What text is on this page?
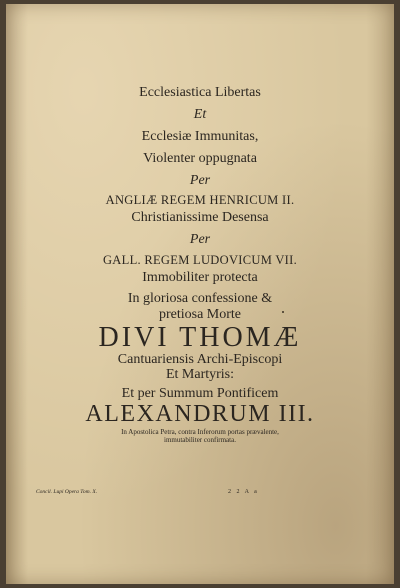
Ecclesiastica Libertas
Et
Ecclesiæ Immunitas,
Violenter oppugnata
Per
ANGLIÆ REGEM HENRICUM II.
Christianissime Desensa
Per
GALL. REGEM LUDOVICUM VII.
Immobiliter protecta
In gloriosa confessione &
pretiosa Morte
DIVI THOMÆ
Cantuariensis Archi-Episcopi
Et Martyris:
Et per Summum Pontificem
ALEXANDRUM III.
In Apostolica Petra, contra Inferorum portas prævalente,
immutabiliter confirmata.
Concil. Lupi Opera Tom. X.	2 2 A a
